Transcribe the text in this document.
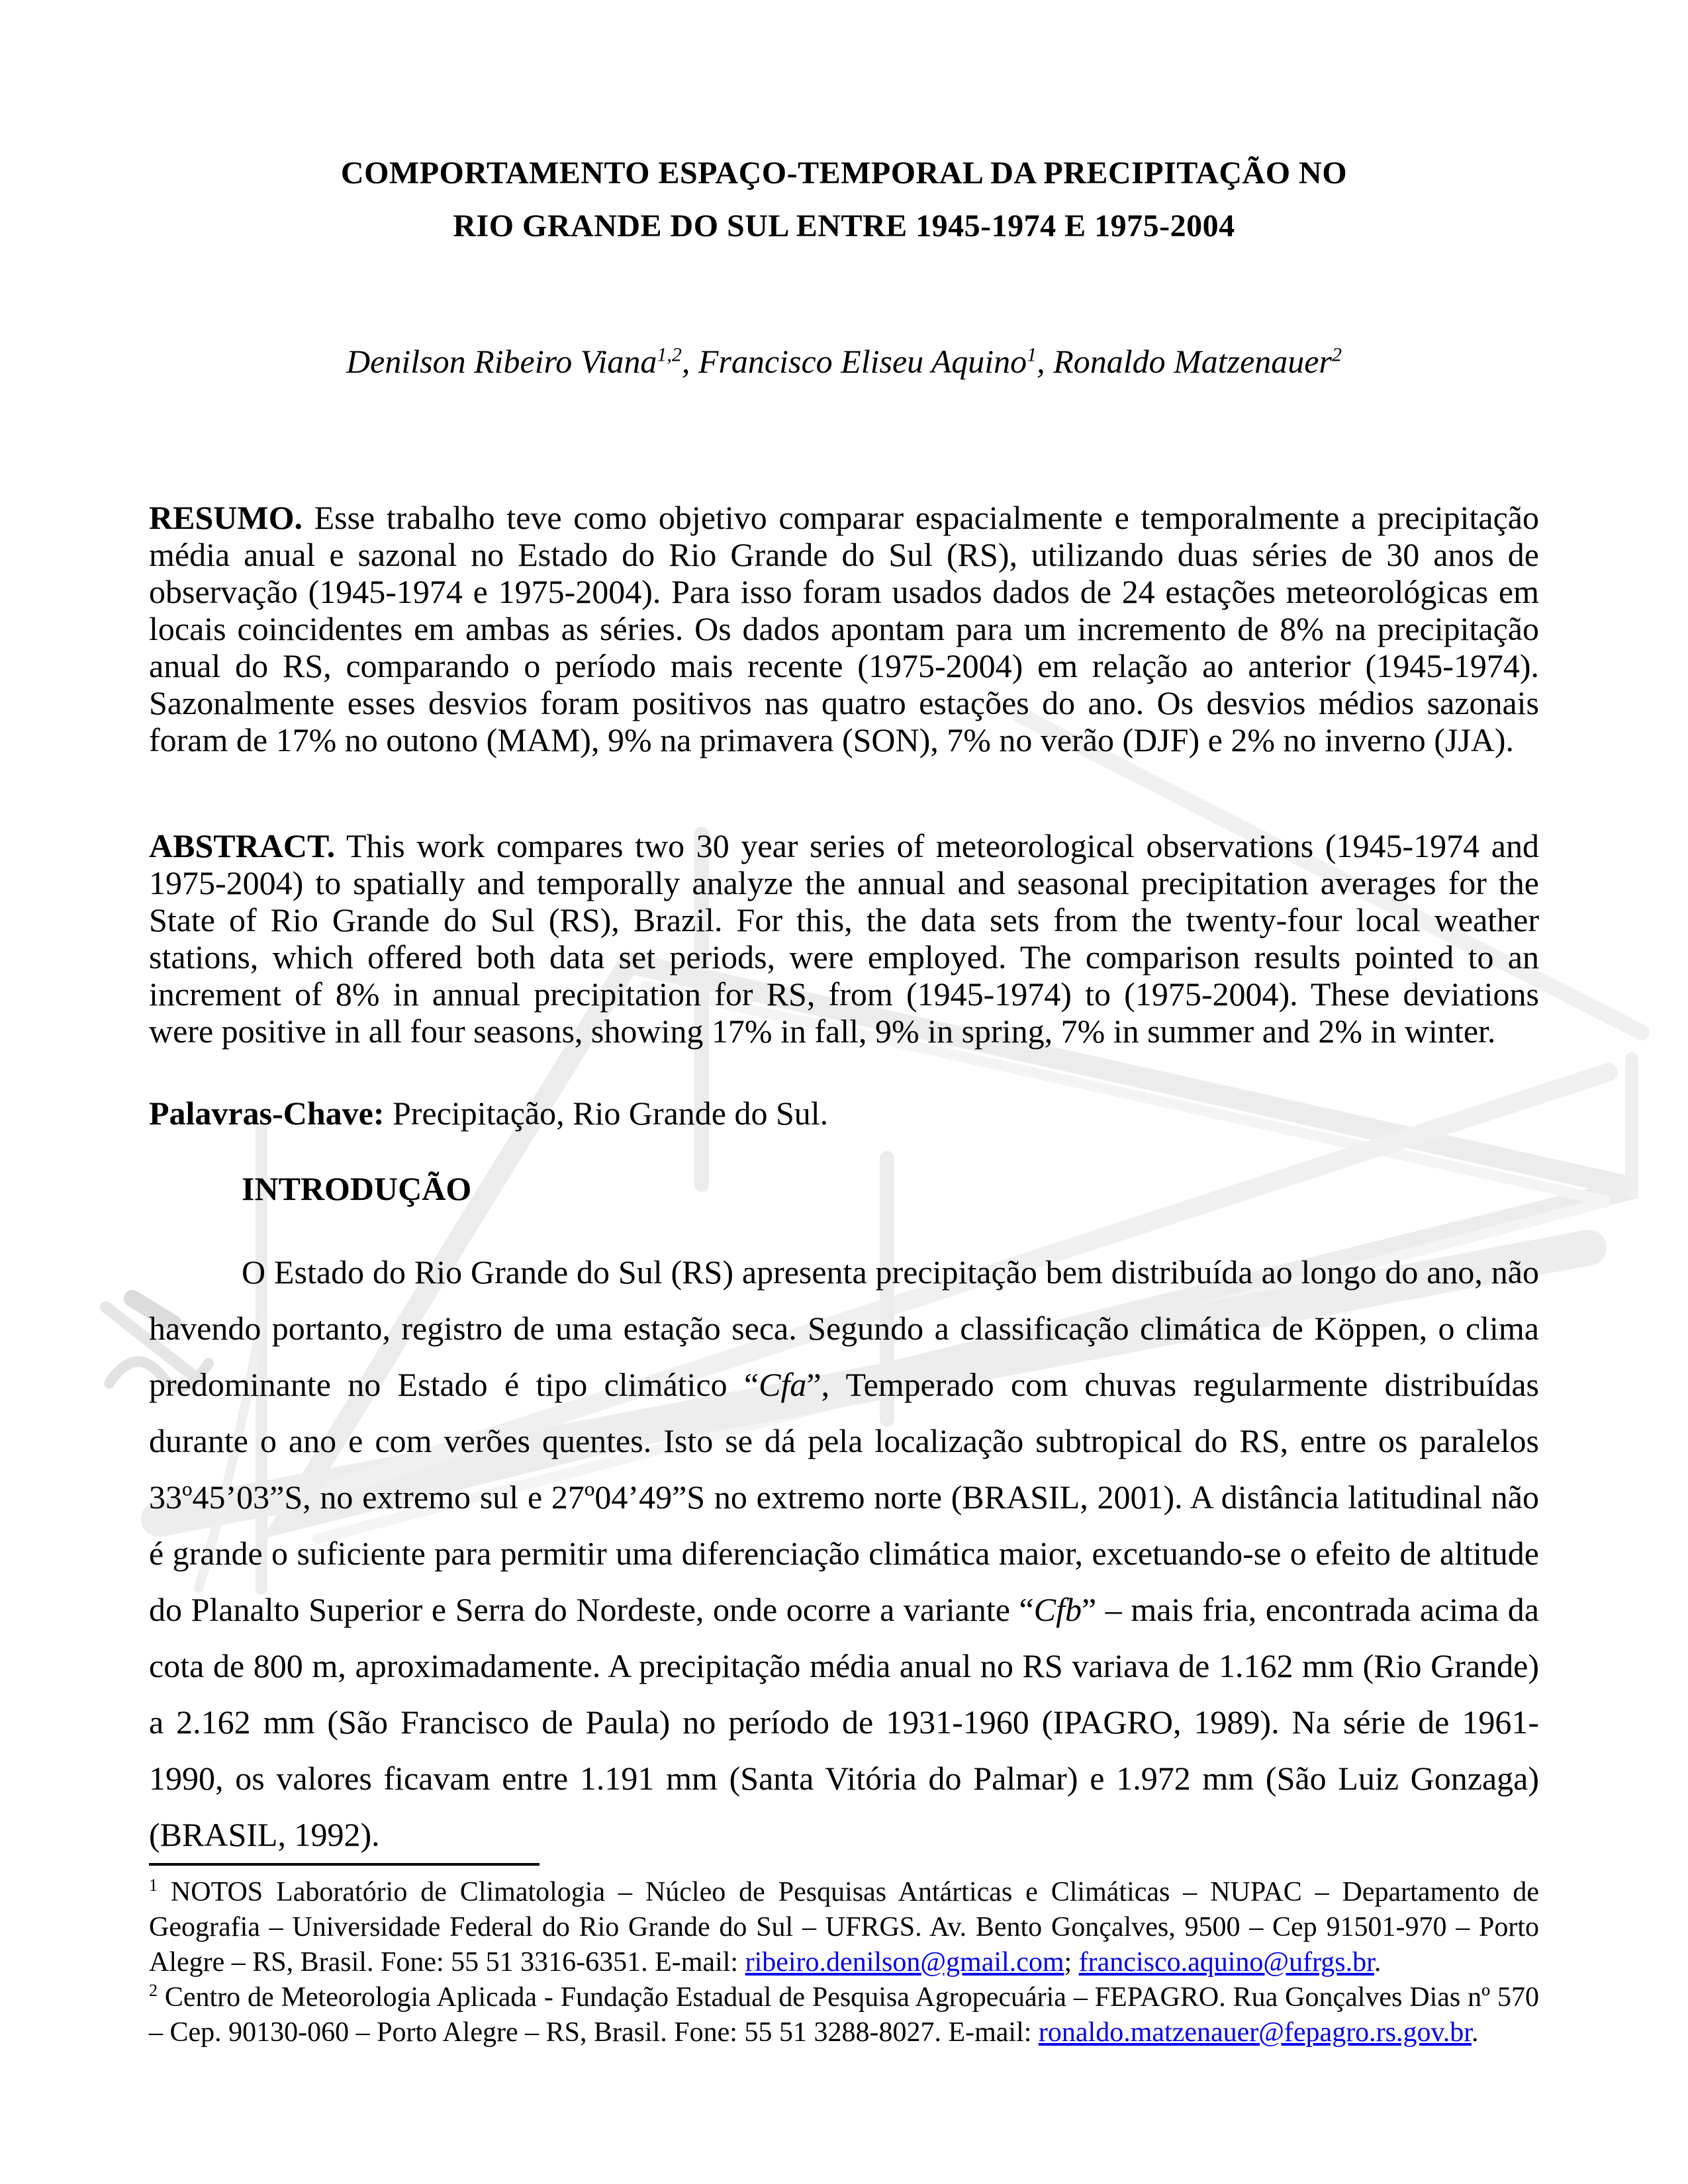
COMPORTAMENTO ESPAÇO-TEMPORAL DA PRECIPITAÇÃO NO
RIO GRANDE DO SUL ENTRE 1945-1974 E 1975-2004
Denilson Ribeiro Viana$^{1,2}$, Francisco Eliseu Aquino$^1$, Ronaldo Matzenauer$^2$

RESUMO. Esse trabalho teve como objetivo comparar espacialmente e temporalmente a precipitação média anual e sazonal no Estado do Rio Grande do Sul (RS), utilizando duas séries de 30 anos de observação (1945-1974 e 1975-2004). Para isso foram usados dados de 24 estações meteorológicas em locais coincidentes em ambas as séries. Os dados apontam para um incremento de 8% na precipitação anual do RS, comparando o período mais recente (1975-2004) em relação ao anterior (1945-1974). Sazonalmente esses desvios foram positivos nas quatro estações do ano. Os desvios médios sazonais foram de 17% no outono (MAM), 9% na primavera (SON), 7% no verão (DJF) e 2% no inverno (JJA).

ABSTRACT. This work compares two 30 year series of meteorological observations (1945-1974 and 1975-2004) to spatially and temporally analyze the annual and seasonal precipitation averages for the State of Rio Grande do Sul (RS), Brazil. For this, the data sets from the twenty-four local weather stations, which offered both data set periods, were employed. The comparison results pointed to an increment of 8% in annual precipitation for RS, from (1945-1974) to (1975-2004). These deviations were positive in all four seasons, showing 17% in fall, 9% in spring, 7% in summer and 2% in winter.

Palavras-Chave: Precipitação, Rio Grande do Sul.

INTRODUÇÃO

O Estado do Rio Grande do Sul (RS) apresenta precipitação bem distribuída ao longo do ano, não havendo portanto, registro de uma estação seca. Segundo a classificação climática de Köppen, o clima predominante no Estado é tipo climático “Cfa”, Temperado com chuvas regularmente distribuídas durante o ano e com verões quentes. Isto se dá pela localização subtropical do RS, entre os paralelos 33º45’03”S, no extremo sul e 27º04’49”S no extremo norte (BRASIL, 2001). A distância latitudinal não é grande o suficiente para permitir uma diferenciação climática maior, excetuando-se o efeito de altitude do Planalto Superior e Serra do Nordeste, onde ocorre a variante “Cfb” – mais fria, encontrada acima da cota de 800 m, aproximadamente. A precipitação média anual no RS variava de 1.162 mm (Rio Grande) a 2.162 mm (São Francisco de Paula) no período de 1931-1960 (IPAGRO, 1989). Na série de 1961-1990, os valores ficavam entre 1.191 mm (Santa Vitória do Palmar) e 1.972 mm (São Luiz Gonzaga) (BRASIL, 1992).

$^1$ NOTOS Laboratório de Climatologia – Núcleo de Pesquisas Antárticas e Climáticas – NUPAC – Departamento de Geografia – Universidade Federal do Rio Grande do Sul – UFRGS. Av. Bento Gonçalves, 9500 – Cep 91501-970 – Porto Alegre – RS, Brasil. Fone: 55 51 3316-6351. E-mail: ribeiro.denilson@gmail.com; francisco.aquino@ufrgs.br.
$^2$ Centro de Meteorologia Aplicada - Fundação Estadual de Pesquisa Agropecuária – FEPAGRO. Rua Gonçalves Dias nº 570 – Cep. 90130-060 – Porto Alegre – RS, Brasil. Fone: 55 51 3288-8027. E-mail: ronaldo.matzenauer@fepagro.rs.gov.br.
